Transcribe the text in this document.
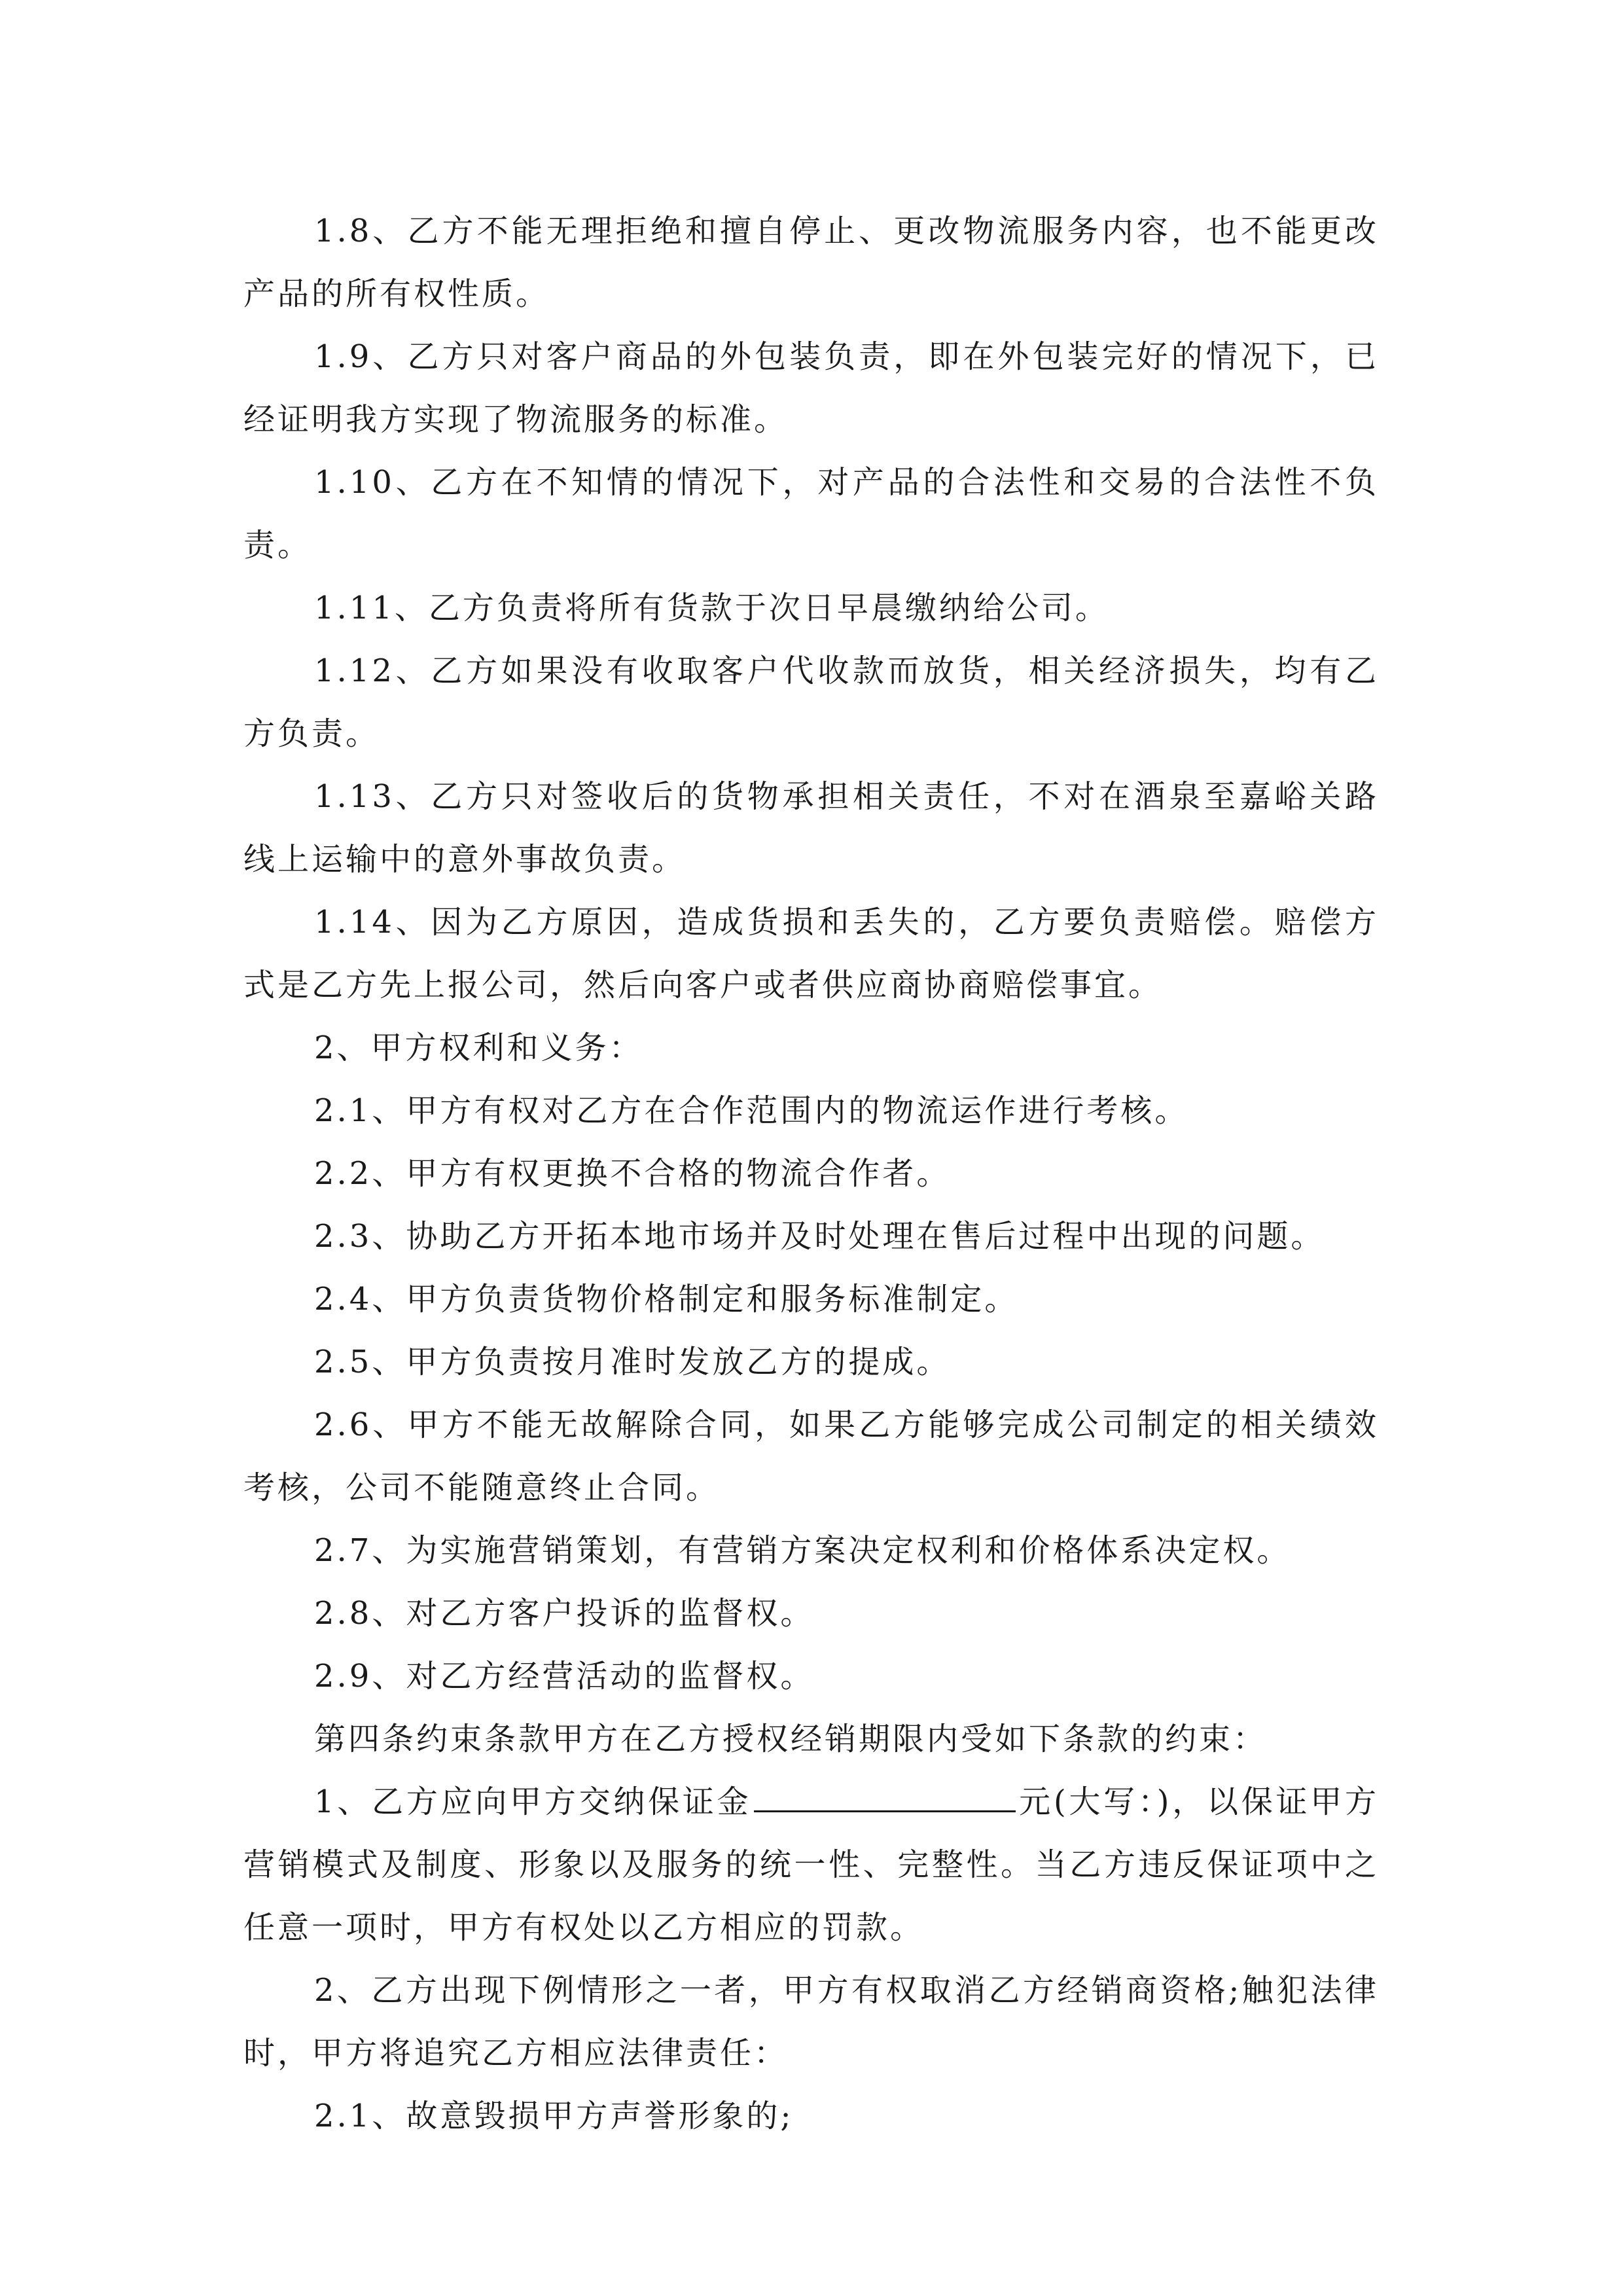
1.8、乙方不能无理拒绝和擅自停止、更改物流服务内容，也不能更改产品的所有权性质。

1.9、乙方只对客户商品的外包装负责，即在外包装完好的情况下，已经证明我方实现了物流服务的标准。

1.10、乙方在不知情的情况下，对产品的合法性和交易的合法性不负责。

1.11、乙方负责将所有货款于次日早晨缴纳给公司。

1.12、乙方如果没有收取客户代收款而放货，相关经济损失，均有乙方负责。

1.13、乙方只对签收后的货物承担相关责任，不对在酒泉至嘉峪关路线上运输中的意外事故负责。

1.14、因为乙方原因，造成货损和丢失的，乙方要负责赔偿。赔偿方式是乙方先上报公司，然后向客户或者供应商协商赔偿事宜。

2、甲方权利和义务：

2.1、甲方有权对乙方在合作范围内的物流运作进行考核。

2.2、甲方有权更换不合格的物流合作者。

2.3、协助乙方开拓本地市场并及时处理在售后过程中出现的问题。

2.4、甲方负责货物价格制定和服务标准制定。

2.5、甲方负责按月准时发放乙方的提成。

2.6、甲方不能无故解除合同，如果乙方能够完成公司制定的相关绩效考核，公司不能随意终止合同。

2.7、为实施营销策划，有营销方案决定权利和价格体系决定权。

2.8、对乙方客户投诉的监督权。

2.9、对乙方经营活动的监督权。

第四条约束条款甲方在乙方授权经销期限内受如下条款的约束：

1、乙方应向甲方交纳保证金	元(大写：)，以保证甲方营销模式及制度、形象以及服务的统一性、完整性。当乙方违反保证项中之任意一项时，甲方有权处以乙方相应的罚款。

2、乙方出现下例情形之一者，甲方有权取消乙方经销商资格;触犯法律时，甲方将追究乙方相应法律责任：

2.1、故意毁损甲方声誉形象的;
